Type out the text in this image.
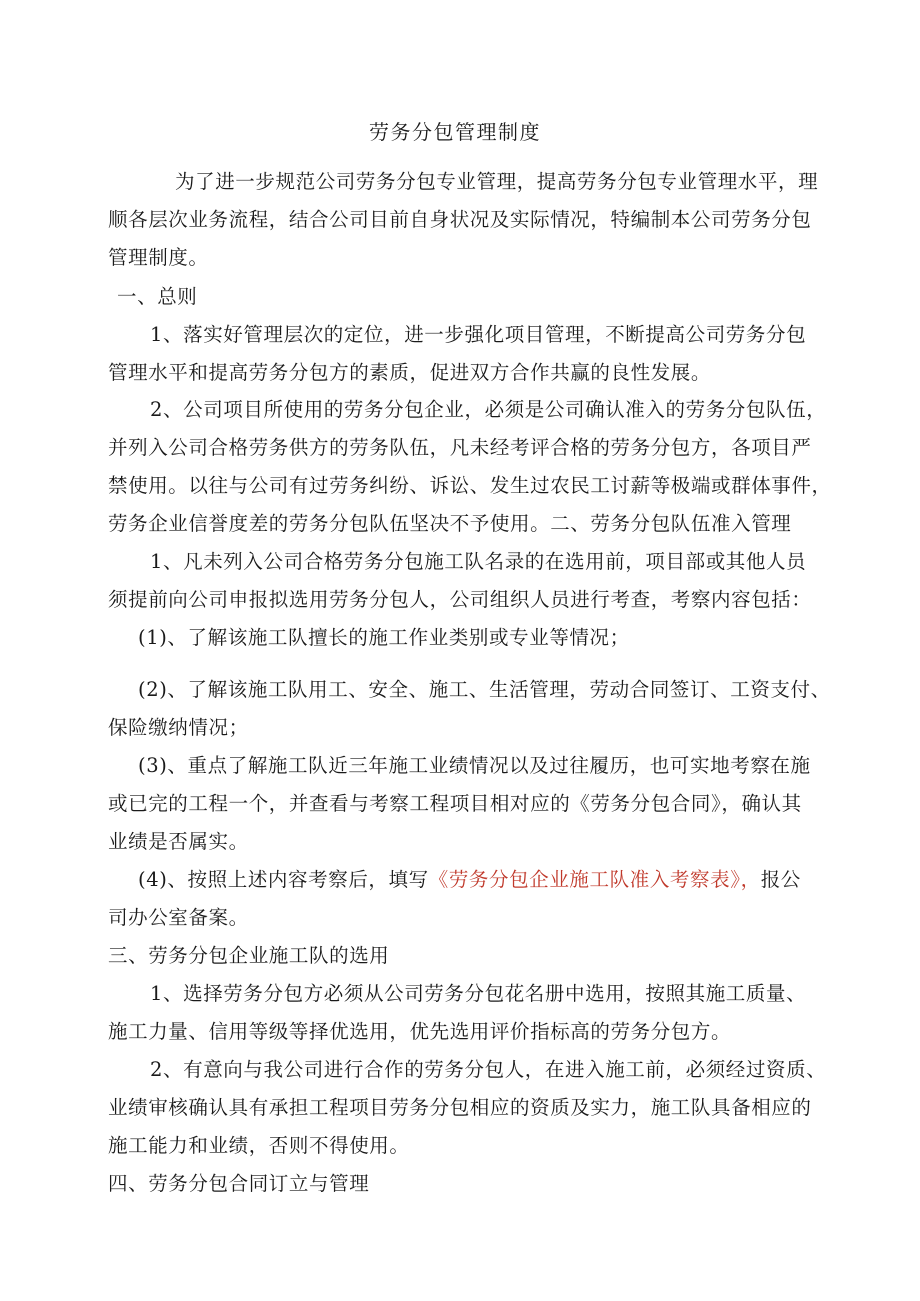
劳务分包管理制度
为了进一步规范公司劳务分包专业管理，提高劳务分包专业管理水平，理
顺各层次业务流程，结合公司目前自身状况及实际情况，特编制本公司劳务分包
管理制度。
一、总则
1、落实好管理层次的定位，进一步强化项目管理，不断提高公司劳务分包
管理水平和提高劳务分包方的素质，促进双方合作共赢的良性发展。
2、公司项目所使用的劳务分包企业，必须是公司确认准入的劳务分包队伍，
并列入公司合格劳务供方的劳务队伍，凡未经考评合格的劳务分包方，各项目严
禁使用。以往与公司有过劳务纠纷、诉讼、发生过农民工讨薪等极端或群体事件，
劳务企业信誉度差的劳务分包队伍坚决不予使用。二、劳务分包队伍准入管理
1、凡未列入公司合格劳务分包施工队名录的在选用前，项目部或其他人员
须提前向公司申报拟选用劳务分包人，公司组织人员进行考查，考察内容包括：
(1)、了解该施工队擅长的施工作业类别或专业等情况；
(2)、了解该施工队用工、安全、施工、生活管理，劳动合同签订、工资支付、
保险缴纳情况；
(3)、重点了解施工队近三年施工业绩情况以及过往履历，也可实地考察在施
或已完的工程一个，并查看与考察工程项目相对应的《劳务分包合同》，确认其
业绩是否属实。
(4)、按照上述内容考察后，填写《劳务分包企业施工队准入考察表》，报公
司办公室备案。
三、劳务分包企业施工队的选用
1、选择劳务分包方必须从公司劳务分包花名册中选用，按照其施工质量、
施工力量、信用等级等择优选用，优先选用评价指标高的劳务分包方。
2、有意向与我公司进行合作的劳务分包人，在进入施工前，必须经过资质、
业绩审核确认具有承担工程项目劳务分包相应的资质及实力，施工队具备相应的
施工能力和业绩，否则不得使用。
四、劳务分包合同订立与管理
